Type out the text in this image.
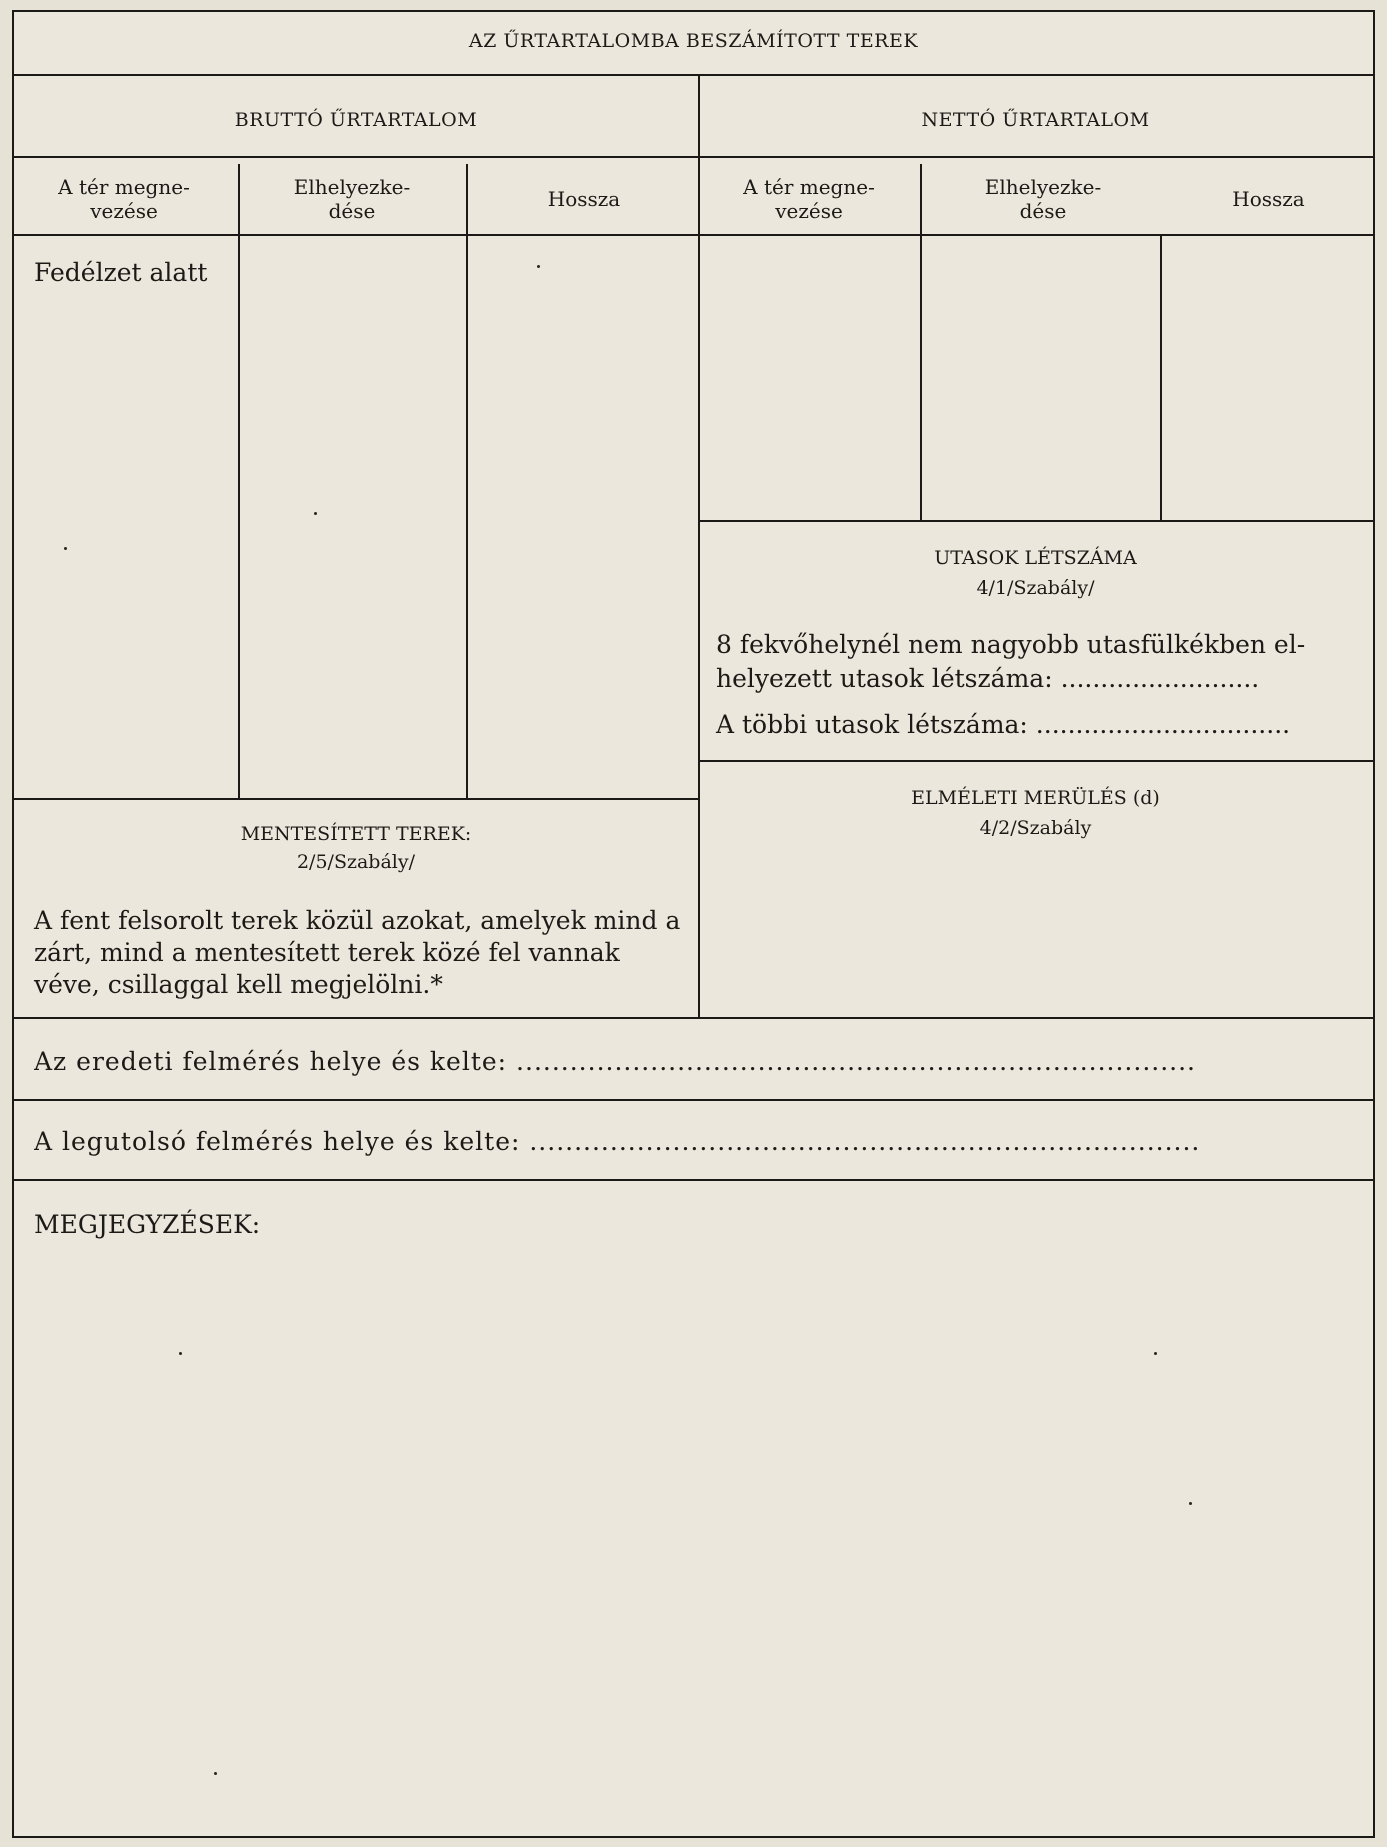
AZ ŰRTARTALOMBA BESZÁMÍTOTT TEREK
BRUTTÓ ŰRTARTALOM
A tér megne-
vezése
Elhelyezke-
dése	Hossza
Fedélzet alatt
MENTESÍTETT TEREK:
2/5/Szabály/
A fent felsorolt terek közül azokat, amelyek mind a zárt, mind a mentesített terek közé fel vannak véve, csillaggal kell megjelölni.*
NETTÓ ŰRTARTALOM
A tér megne-
vezése
Elhelyezke-
dése	Hossza
UTASOK LÉTSZÁMA
4/1/Szabály/
8 fekvőhelynél nem nagyobb utasfülkékben el-
helyezett utasok létszáma: .........................
A többi utasok létszáma: ................................
ELMÉLETI MERÜLÉS (d)
4/2/Szabály
Az eredeti felmérés helye és kelte: ............................................................................
A legutolsó felmérés helye és kelte: ...........................................................................
MEGJEGYZÉSEK:
